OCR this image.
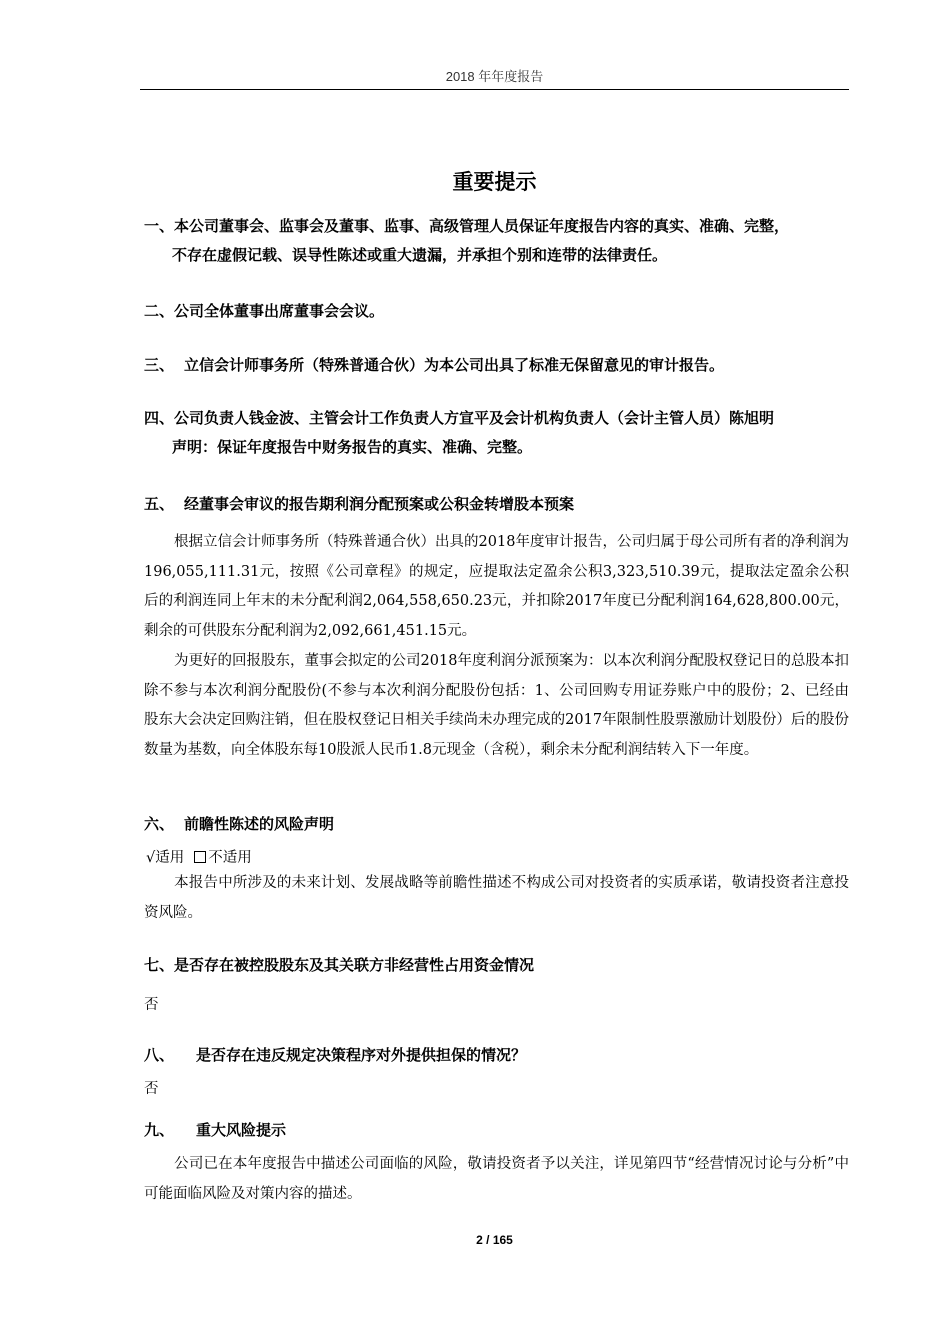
2018 年年度报告
重要提示
一、本公司董事会、监事会及董事、监事、高级管理人员保证年度报告内容的真实、准确、完整，
不存在虚假记载、误导性陈述或重大遗漏，并承担个别和连带的法律责任。
二、公司全体董事出席董事会会议。
三、 立信会计师事务所（特殊普通合伙）为本公司出具了标准无保留意见的审计报告。
四、公司负责人钱金波、主管会计工作负责人方宣平及会计机构负责人（会计主管人员）陈旭明
声明：保证年度报告中财务报告的真实、准确、完整。
五、 经董事会审议的报告期利润分配预案或公积金转增股本预案
根据立信会计师事务所（特殊普通合伙）出具的2018年度审计报告，公司归属于母公司所有者的净利润为196,055,111.31元，按照《公司章程》的规定，应提取法定盈余公积3,323,510.39元，提取法定盈余公积后的利润连同上年末的未分配利润2,064,558,650.23元，并扣除2017年度已分配利润164,628,800.00元，剩余的可供股东分配利润为2,092,661,451.15元。
为更好的回报股东，董事会拟定的公司2018年度利润分派预案为：以本次利润分配股权登记日的总股本扣除不参与本次利润分配股份(不参与本次利润分配股份包括：1、公司回购专用证券账户中的股份；2、已经由股东大会决定回购注销，但在股权登记日相关手续尚未办理完成的2017年限制性股票激励计划股份）后的股份数量为基数，向全体股东每10股派人民币1.8元现金（含税），剩余未分配利润结转入下一年度。
六、 前瞻性陈述的风险声明
√适用 不适用
本报告中所涉及的未来计划、发展战略等前瞻性描述不构成公司对投资者的实质承诺，敬请投资者注意投资风险。
七、是否存在被控股股东及其关联方非经营性占用资金情况
否
八、 是否存在违反规定决策程序对外提供担保的情况？
否
九、 重大风险提示
公司已在本年度报告中描述公司面临的风险，敬请投资者予以关注，详见第四节“经营情况讨论与分析”中可能面临风险及对策内容的描述。
2 / 165
